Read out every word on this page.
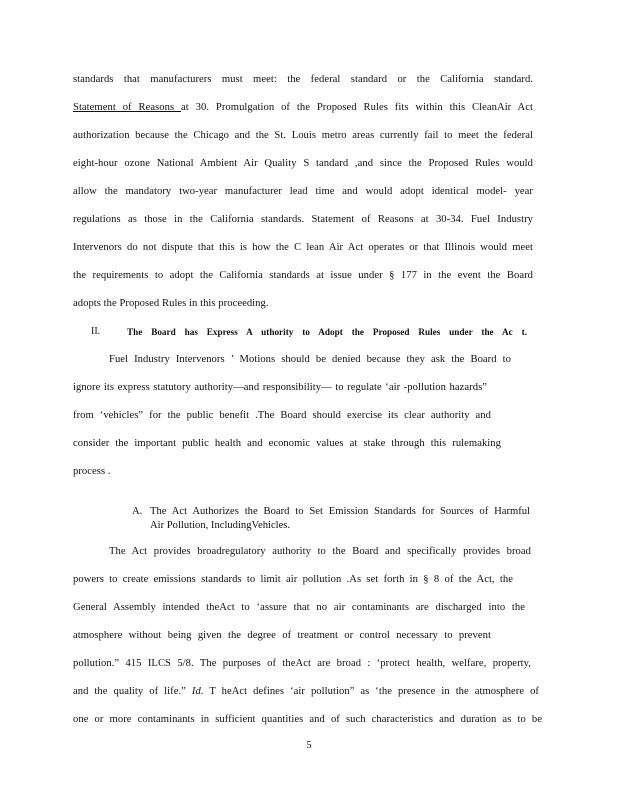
standards that manufacturers must meet: the federal standard or the California standard.
Statement of Reasons at 30. Promulgation of the Proposed Rules fits within this CleanAir Act
authorization because the Chicago and the St. Louis metro areas currently fail to meet the federal
eight-hour ozone National Ambient Air Quality S tandard ,and since the Proposed Rules would
allow the mandatory two-year manufacturer lead time and would adopt identical model- year
regulations as those in the California standards. Statement of Reasons at 30-34. Fuel Industry
Intervenors do not dispute that this is how the C lean Air Act operates or that Illinois would meet
the requirements to adopt the California standards at issue under § 177 in the event the Board
adopts the Proposed Rules in this proceeding.
II.	The Board has Express A uthority to Adopt the Proposed Rules under the Ac t.
Fuel Industry Intervenors ’ Motions should be denied because they ask the Board to
ignore its express statutory authority—and responsibility— to regulate ‘air -pollution hazards”
from ‘vehicles” for the public benefit .The Board should exercise its clear authority and
consider the important public health and economic values at stake through this rulemaking
process .
A. The Act Authorizes the Board to Set Emission Standards for Sources of Harmful
Air Pollution, IncludingVehicles.
The Act provides broadregulatory authority to the Board and specifically provides broad
powers to create emissions standards to limit air pollution .As set forth in § 8 of the Act, the
General Assembly intended theAct to ‘assure that no air contaminants are discharged into the
atmosphere without being given the degree of treatment or control necessary to prevent
pollution.” 415 ILCS 5/8. The purposes of theAct are broad : ‘protect health, welfare, property,
and the quality of life.” Id. T heAct defines ‘air pollution” as ‘the presence in the atmosphere of
one or more contaminants in sufficient quantities and of such characteristics and duration as to be
5
